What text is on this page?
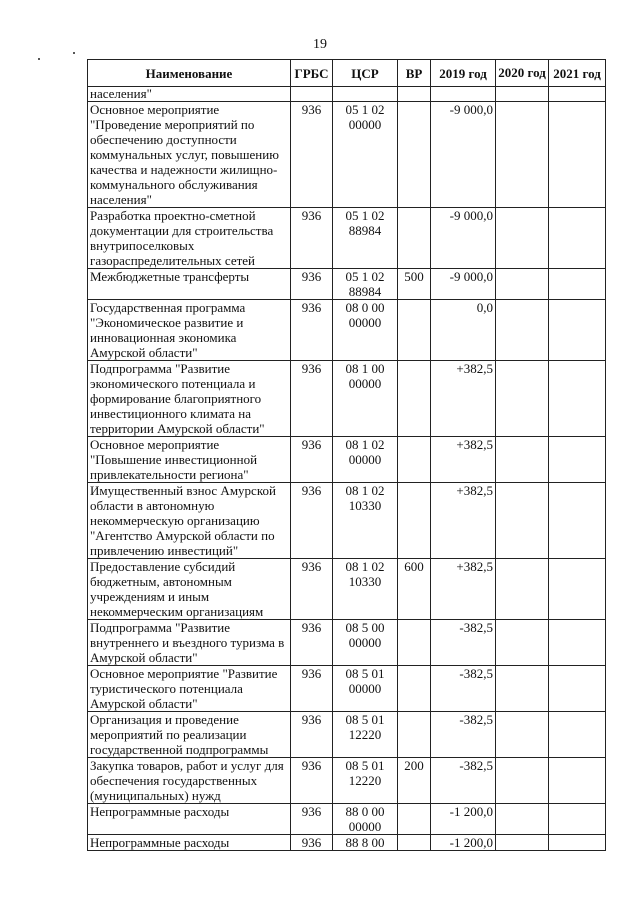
19
Наименование	ГРБС	ЦСР	ВР	2019 год	2020 год	2021 год
населения"						
Основное мероприятие "Проведение мероприятий по обеспечению доступности коммунальных услуг, повышению качества и надежности жилищно-коммунального обслуживания населения"	936	05 1 02 00000		-9 000,0		
Разработка проектно-сметной документации для строительства внутрипоселковых газораспределительных сетей	936	05 1 02 88984		-9 000,0		
Межбюджетные трансферты	936	05 1 02 88984	500	-9 000,0		
Государственная программа "Экономическое развитие и инновационная экономика Амурской области"	936	08 0 00 00000		0,0		
Подпрограмма "Развитие экономического потенциала и формирование благоприятного инвестиционного климата на территории Амурской области"	936	08 1 00 00000		+382,5		
Основное мероприятие "Повышение инвестиционной привлекательности региона"	936	08 1 02 00000		+382,5		
Имущественный взнос Амурской области в автономную некоммерческую организацию "Агентство Амурской области по привлечению инвестиций"	936	08 1 02 10330		+382,5		
Предоставление субсидий бюджетным, автономным учреждениям и иным некоммерческим организациям	936	08 1 02 10330	600	+382,5		
Подпрограмма "Развитие внутреннего и въездного туризма в Амурской области"	936	08 5 00 00000		-382,5		
Основное мероприятие "Развитие туристического потенциала Амурской области"	936	08 5 01 00000		-382,5		
Организация и проведение мероприятий по реализации государственной подпрограммы	936	08 5 01 12220		-382,5		
Закупка товаров, работ и услуг для обеспечения государственных (муниципальных) нужд	936	08 5 01 12220	200	-382,5		
Непрограммные расходы	936	88 0 00 00000		-1 200,0		
Непрограммные расходы	936	88 8 00		-1 200,0		
